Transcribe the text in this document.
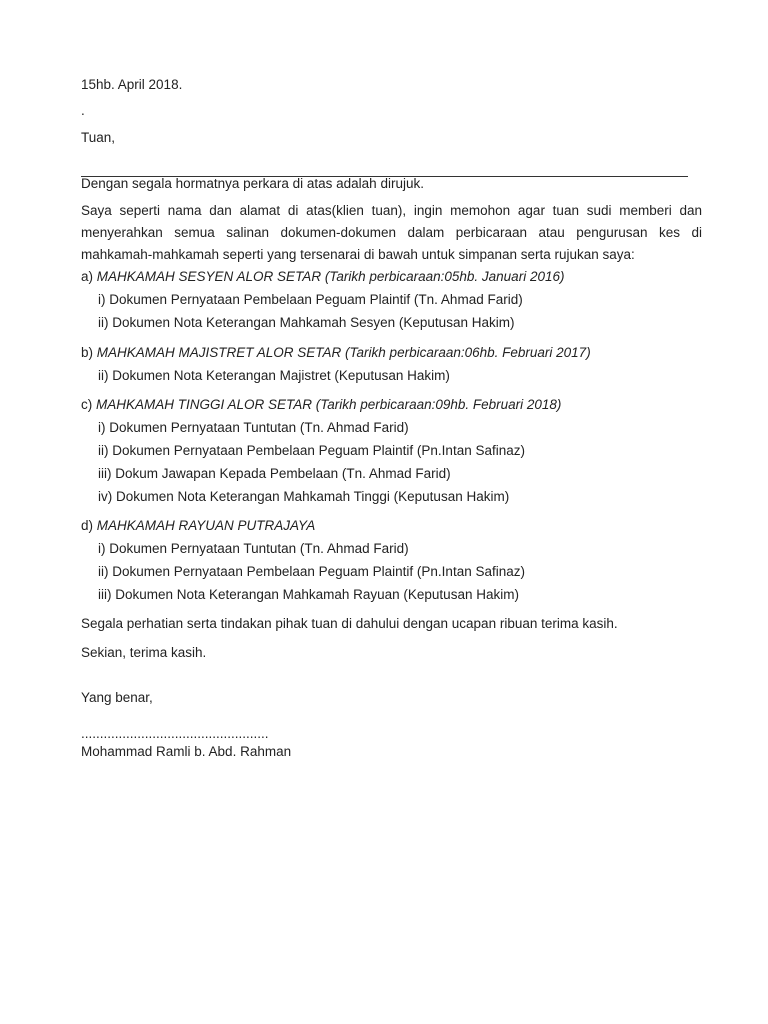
15hb. April 2018.
.
Tuan,
Dengan segala hormatnya perkara di atas adalah dirujuk.
Saya seperti nama dan alamat di atas(klien tuan), ingin memohon agar tuan sudi memberi dan
menyerahkan semua salinan dokumen-dokumen dalam perbicaraan atau pengurusan kes di
mahkamah-mahkamah seperti yang tersenarai di bawah untuk simpanan serta rujukan saya:
a) MAHKAMAH SESYEN ALOR SETAR (Tarikh perbicaraan:05hb. Januari 2016)
i) Dokumen Pernyataan Pembelaan Peguam Plaintif (Tn. Ahmad Farid)
ii) Dokumen Nota Keterangan Mahkamah Sesyen (Keputusan Hakim)
b) MAHKAMAH MAJISTRET ALOR SETAR (Tarikh perbicaraan:06hb. Februari 2017)
ii) Dokumen Nota Keterangan Majistret (Keputusan Hakim)
c) MAHKAMAH TINGGI ALOR SETAR (Tarikh perbicaraan:09hb. Februari 2018)
i) Dokumen Pernyataan Tuntutan (Tn. Ahmad Farid)
ii) Dokumen Pernyataan Pembelaan Peguam Plaintif (Pn.Intan Safinaz)
iii) Dokum Jawapan Kepada Pembelaan (Tn. Ahmad Farid)
iv) Dokumen Nota Keterangan Mahkamah Tinggi (Keputusan Hakim)
d) MAHKAMAH RAYUAN PUTRAJAYA
i) Dokumen Pernyataan Tuntutan (Tn. Ahmad Farid)
ii) Dokumen Pernyataan Pembelaan Peguam Plaintif (Pn.Intan Safinaz)
iii) Dokumen Nota Keterangan Mahkamah Rayuan (Keputusan Hakim)
Segala perhatian serta tindakan pihak tuan di dahului dengan ucapan ribuan terima kasih.
Sekian, terima kasih.
Yang benar,
..................................................
Mohammad Ramli b. Abd. Rahman
